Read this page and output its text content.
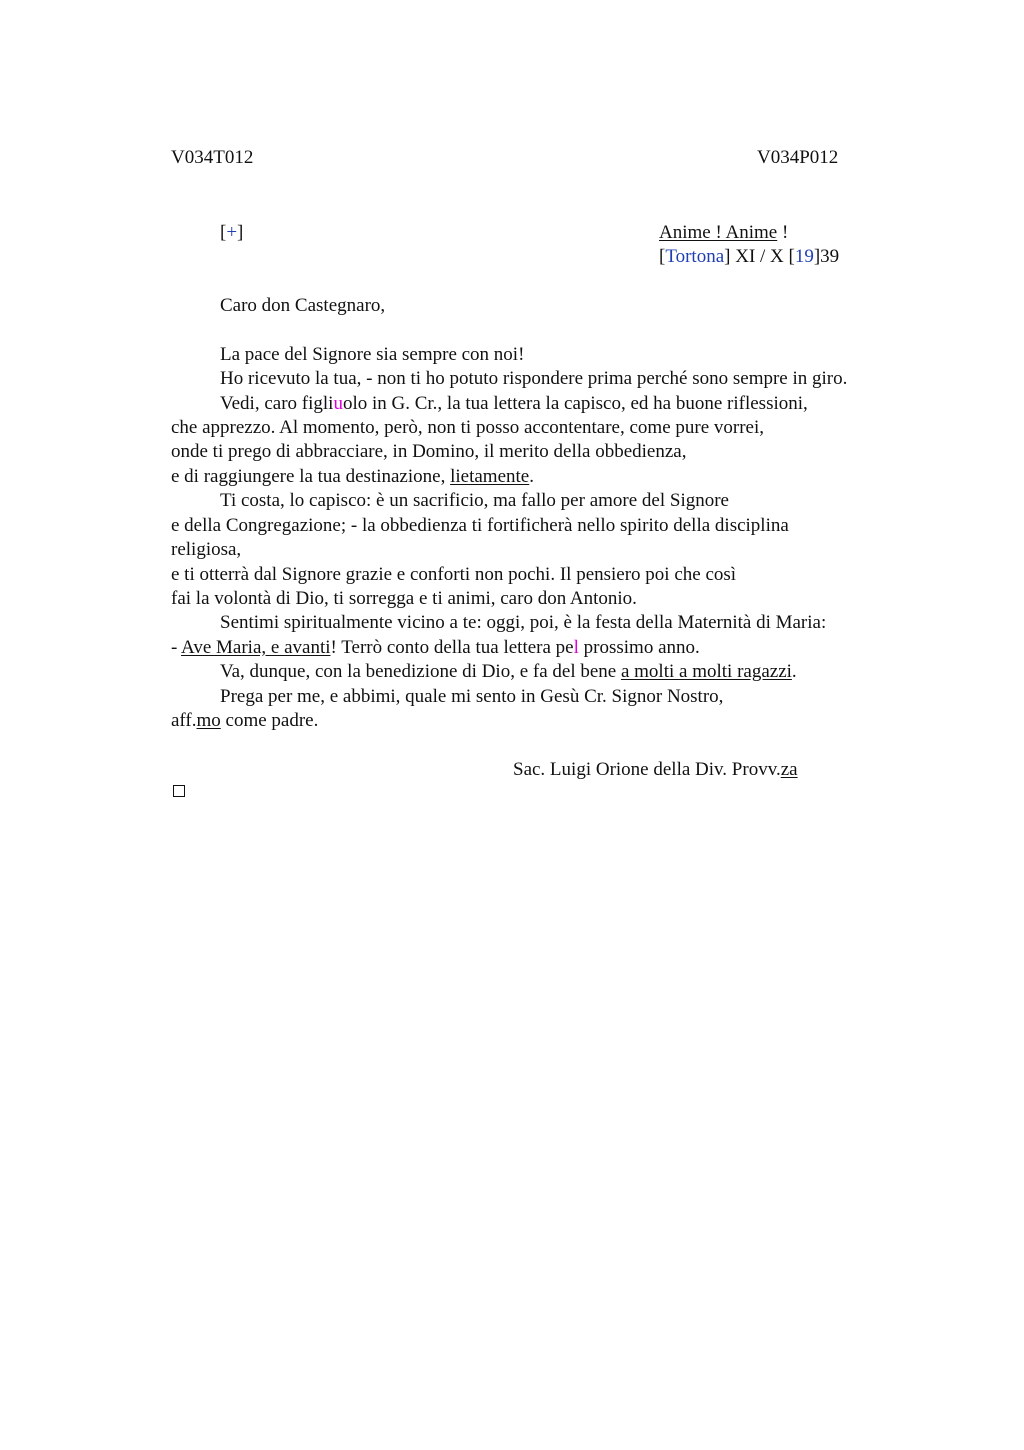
V034T012	V034P012
[+]	Anime ! Anime !
[Tortona] XI / X [19]39
Caro don Castegnaro,
La pace del Signore sia sempre con noi!
Ho ricevuto la tua, - non ti ho potuto rispondere prima perché sono sempre in giro.
Vedi, caro figliuolo in G. Cr., la tua lettera la capisco, ed ha buone riflessioni,
che apprezzo. Al momento, però, non ti posso accontentare, come pure vorrei,
onde ti prego di abbracciare, in Domino, il merito della obbedienza,
e di raggiungere la tua destinazione, lietamente.
Ti costa, lo capisco: è un sacrificio, ma fallo per amore del Signore
e della Congregazione; - la obbedienza ti fortificherà nello spirito della disciplina
religiosa,
e ti otterrà dal Signore grazie e conforti non pochi. Il pensiero poi che così
fai la volontà di Dio, ti sorregga e ti animi, caro don Antonio.
Sentimi spiritualmente vicino a te: oggi, poi, è la festa della Maternità di Maria:
- Ave Maria, e avanti! Terrò conto della tua lettera pel prossimo anno.
Va, dunque, con la benedizione di Dio, e fa del bene a molti a molti ragazzi.
Prega per me, e abbimi, quale mi sento in Gesù Cr. Signor Nostro,
aff.mo come padre.
Sac. Luigi Orione della Div. Provv.za
